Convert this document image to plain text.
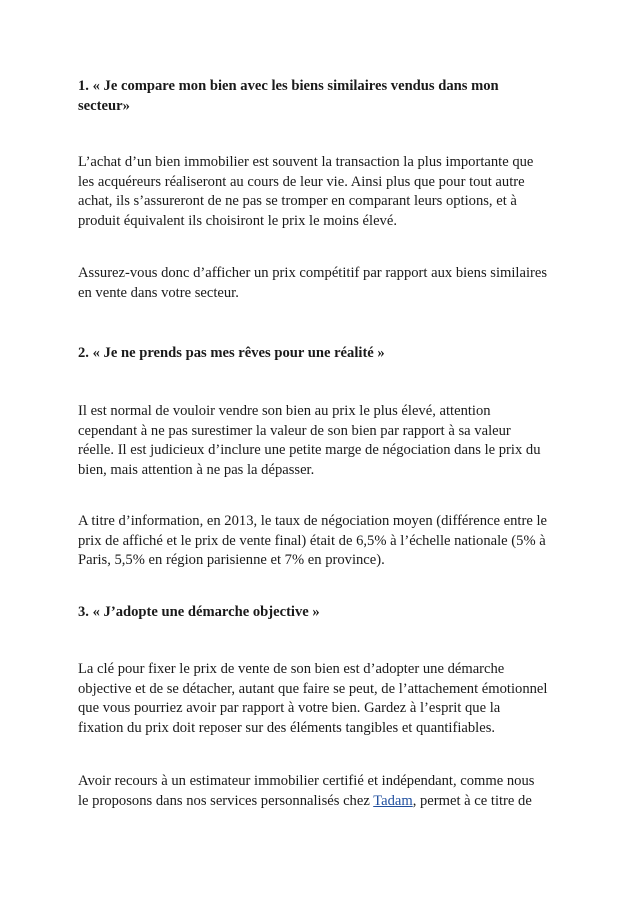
1. « Je compare mon bien avec les biens similaires vendus dans mon
secteur»
L’achat d’un bien immobilier est souvent la transaction la plus importante que
les acquéreurs réaliseront au cours de leur vie. Ainsi plus que pour tout autre
achat, ils s’assureront de ne pas se tromper en comparant leurs options, et à
produit équivalent ils choisiront le prix le moins élevé.
Assurez-vous donc d’afficher un prix compétitif par rapport aux biens similaires
en vente dans votre secteur.
2. « Je ne prends pas mes rêves pour une réalité »
Il est normal de vouloir vendre son bien au prix le plus élevé, attention
cependant à ne pas surestimer la valeur de son bien par rapport à sa valeur
réelle. Il est judicieux d’inclure une petite marge de négociation dans le prix du
bien, mais attention à ne pas la dépasser.
A titre d’information, en 2013, le taux de négociation moyen (différence entre le
prix de affiché et le prix de vente final) était de 6,5% à l’échelle nationale (5% à
Paris, 5,5% en région parisienne et 7% en province).
3. « J’adopte une démarche objective »
La clé pour fixer le prix de vente de son bien est d’adopter une démarche
objective et de se détacher, autant que faire se peut, de l’attachement émotionnel
que vous pourriez avoir par rapport à votre bien. Gardez à l’esprit que la
fixation du prix doit reposer sur des éléments tangibles et quantifiables.
Avoir recours à un estimateur immobilier certifié et indépendant, comme nous
le proposons dans nos services personnalisés chez Tadam, permet à ce titre de
